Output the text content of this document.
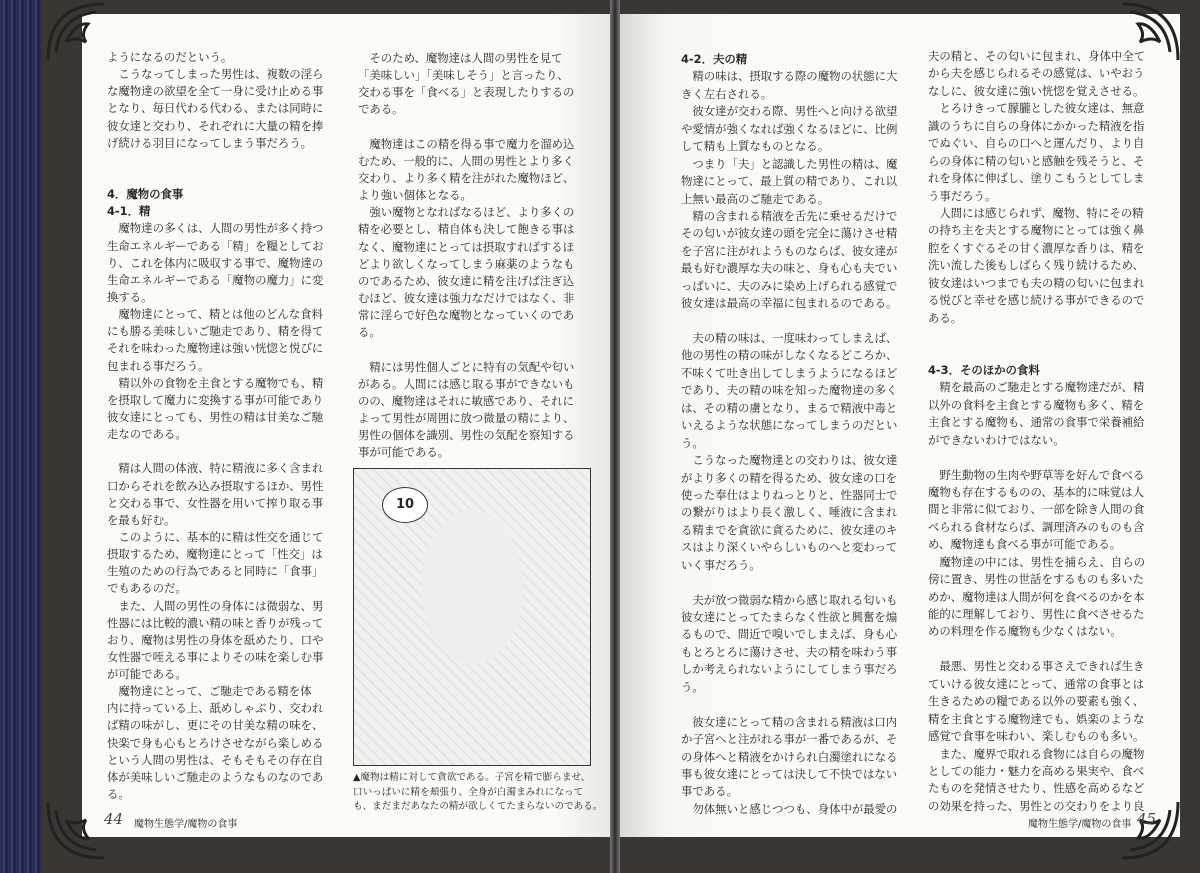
ようになるのだという。
　こうなってしまった男性は、複数の淫ら
な魔物達の欲望を全て一身に受け止める事
となり、毎日代わる代わる、または同時に
彼女達と交わり、それぞれに大量の精を捧
げ続ける羽目になってしまう事だろう。
4．魔物の食事
4-1．精
　魔物達の多くは、人間の男性が多く持つ
生命エネルギーである「精」を糧としてお
り、これを体内に吸収する事で、魔物達の
生命エネルギーである「魔物の魔力」に変
換する。
　魔物達にとって、精とは他のどんな食料
にも勝る美味しいご馳走であり、精を得て
それを味わった魔物達は強い恍惚と悦びに
包まれる事だろう。
　精以外の食物を主食とする魔物でも、精
を摂取して魔力に変換する事が可能であり
彼女達にとっても、男性の精は甘美なご馳
走なのである。
　精は人間の体液、特に精液に多く含まれ
口からそれを飲み込み摂取するほか、男性
と交わる事で、女性器を用いて搾り取る事
を最も好む。
　このように、基本的に精は性交を通じて
摂取するため、魔物達にとって「性交」は
生殖のための行為であると同時に「食事」
でもあるのだ。
　また、人間の男性の身体には微弱な、男
性器には比較的濃い精の味と香りが残って
おり、魔物は男性の身体を舐めたり、口や
女性器で咥える事によりその味を楽しむ事
が可能である。
　魔物達にとって、ご馳走である精を体
内に持っている上、舐めしゃぶり、交われ
ば精の味がし、更にその甘美な精の味を、
快楽で身も心もとろけさせながら楽しめる
という人間の男性は、そもそもその存在自
体が美味しいご馳走のようなものなのであ
る。
　そのため、魔物達は人間の男性を見て
「美味しい」「美味しそう」と言ったり、
交わる事を「食べる」と表現したりするの
である。
　魔物達はこの精を得る事で魔力を溜め込
むため、一般的に、人間の男性とより多く
交わり、より多く精を注がれた魔物ほど、
より強い個体となる。
　強い魔物となればなるほど、より多くの
精を必要とし、精自体も決して飽きる事は
なく、魔物達にとっては摂取すればするほ
どより欲しくなってしまう麻薬のようなも
のであるため、彼女達に精を注げば注ぎ込
むほど、彼女達は強力なだけではなく、非
常に淫らで好色な魔物となっていくのであ
る。
　精には男性個人ごとに特有の気配や匂い
がある。人間には感じ取る事ができないも
のの、魔物達はそれに敏感であり、それに
よって男性が周囲に放つ微量の精により、
男性の個体を識別、男性の気配を察知する
事が可能である。
4-2．夫の精
　精の味は、摂取する際の魔物の状態に大
きく左右される。
　彼女達が交わる際、男性へと向ける欲望
や愛情が強くなれば強くなるほどに、比例
して精も上質なものとなる。
　つまり「夫」と認識した男性の精は、魔
物達にとって、最上質の精であり、これ以
上無い最高のご馳走である。
　精の含まれる精液を舌先に乗せるだけで
その匂いが彼女達の頭を完全に蕩けさせ精
を子宮に注がれようものならば、彼女達が
最も好む濃厚な夫の味と、身も心も夫でい
っぱいに、夫のみに染め上げられる感覚で
彼女達は最高の幸福に包まれるのである。
　夫の精の味は、一度味わってしまえば、
他の男性の精の味がしなくなるどころか、
不味くて吐き出してしまうようになるほど
であり、夫の精の味を知った魔物達の多く
は、その精の虜となり、まるで精液中毒と
いえるような状態になってしまうのだとい
う。
　こうなった魔物達との交わりは、彼女達
がより多くの精を得るため、彼女達の口を
使った奉仕はよりねっとりと、性器同士で
の繋がりはより長く激しく、唾液に含まれ
る精までを貪欲に貪るために、彼女達のキ
スはより深くいやらしいものへと変わって
いく事だろう。
　夫が放つ微弱な精から感じ取れる匂いも
彼女達にとってたまらなく性欲と興奮を煽
るもので、間近で嗅いでしまえば、身も心
もとろとろに蕩けさせ、夫の精を味わう事
しか考えられないようにしてしまう事だろ
う。
　彼女達にとって精の含まれる精液は口内
か子宮へと注がれる事が一番であるが、そ
の身体へと精液をかけられ白濁塗れになる
事も彼女達にとっては決して不快ではない
事である。
　勿体無いと感じつつも、身体中が最愛の
夫の精と、その匂いに包まれ、身体中全て
から夫を感じられるその感覚は、いやおう
なしに、彼女達に強い恍惚を覚えさせる。
　とろけきって朦朧とした彼女達は、無意
識のうちに自らの身体にかかった精液を指
でぬぐい、自らの口へと運んだり、より自
らの身体に精の匂いと感触を残そうと、そ
れを身体に伸ばし、塗りこもうとしてしま
う事だろう。
　人間には感じられず、魔物、特にその精
の持ち主を夫とする魔物にとっては強く鼻
腔をくすぐるその甘く濃厚な香りは、精を
洗い流した後もしばらく残り続けるため、
彼女達はいつまでも夫の精の匂いに包まれ
る悦びと幸せを感じ続ける事ができるので
ある。
4-3．そのほかの食料
　精を最高のご馳走とする魔物達だが、精
以外の食料を主食とする魔物も多く、精を
主食とする魔物も、通常の食事で栄養補給
ができないわけではない。
　野生動物の生肉や野草等を好んで食べる
魔物も存在するものの、基本的に味覚は人
間と非常に似ており、一部を除き人間の食
べられる食材ならば、調理済みのものも含
め、魔物達も食べる事が可能である。
　魔物達の中には、男性を捕らえ、自らの
傍に置き、男性の世話をするものも多いた
めか、魔物達は人間が何を食べるのかを本
能的に理解しており、男性に食べさせるた
めの料理を作る魔物も少なくはない。
　最悪、男性と交わる事さえできれば生き
ていける彼女達にとって、通常の食事とは
生きるための糧である以外の要素も強く、
精を主食とする魔物達でも、娯楽のような
感覚で食事を味わい、楽しむものも多い。
　また、魔界で取れる食物には自らの魔物
としての能力・魅力を高める果実や、食べ
たものを発情させたり、性感を高めるなど
の効果を持った、男性との交わりをより良
10
▲魔物は精に対して貪欲である。子宮を精で膨らませ、
口いっぱいに精を頬張り、全身が白濁まみれになって
も、まだまだあなたの精が欲しくてたまらないのである。
44 魔物生態学/魔物の食事	魔物生態学/魔物の食事 45
